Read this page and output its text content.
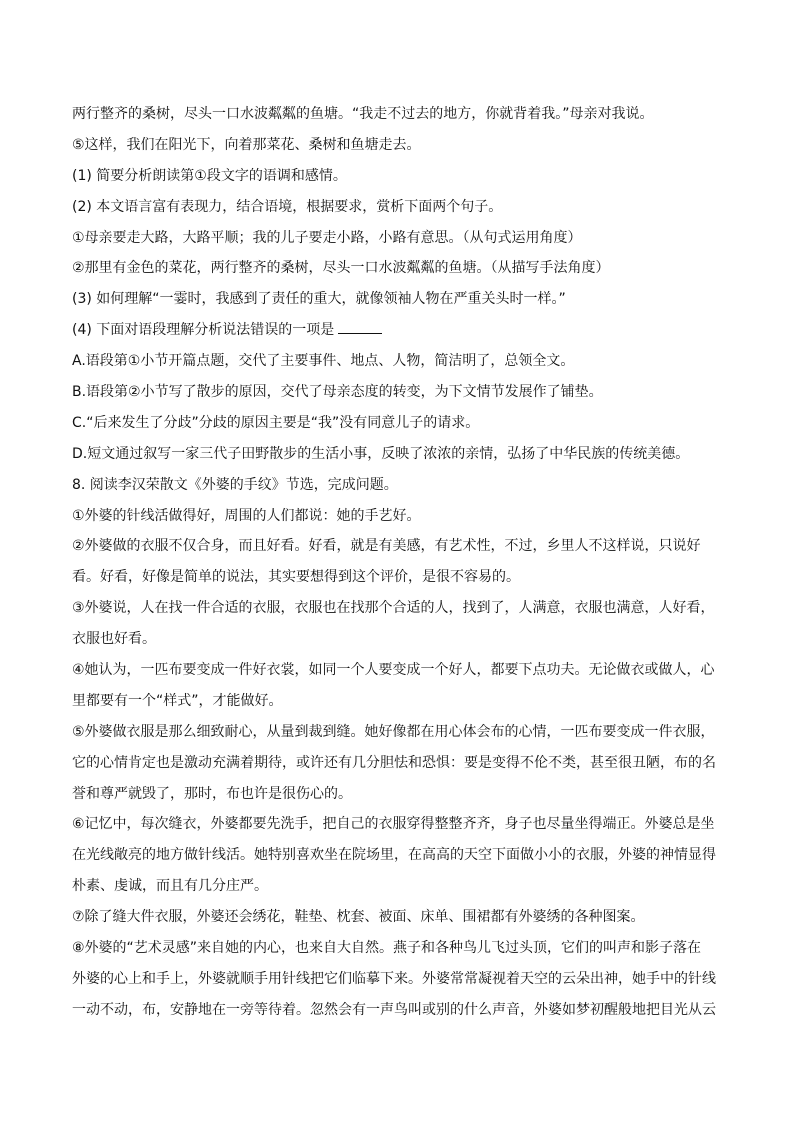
两行整齐的桑树，尽头一口水波粼粼的鱼塘。“我走不过去的地方，你就背着我。”母亲对我说。
⑤这样，我们在阳光下，向着那菜花、桑树和鱼塘走去。
(1) 简要分析朗读第①段文字的语调和感情。
(2) 本文语言富有表现力，结合语境，根据要求，赏析下面两个句子。
①母亲要走大路，大路平顺；我的儿子要走小路，小路有意思。（从句式运用角度）
②那里有金色的菜花，两行整齐的桑树，尽头一口水波粼粼的鱼塘。（从描写手法角度）
(3) 如何理解“一霎时，我感到了责任的重大，就像领袖人物在严重关头时一样。”
(4) 下面对语段理解分析说法错误的一项是
A.语段第①小节开篇点题，交代了主要事件、地点、人物，简洁明了，总领全文。
B.语段第②小节写了散步的原因，交代了母亲态度的转变，为下文情节发展作了铺垫。
C.“后来发生了分歧”分歧的原因主要是“我”没有同意儿子的请求。
D.短文通过叙写一家三代子田野散步的生活小事，反映了浓浓的亲情，弘扬了中华民族的传统美德。
8. 阅读李汉荣散文《外婆的手纹》节选，完成问题。
①外婆的针线活做得好，周围的人们都说：她的手艺好。
②外婆做的衣服不仅合身，而且好看。好看，就是有美感，有艺术性，不过，乡里人不这样说，只说好
看。好看，好像是简单的说法，其实要想得到这个评价，是很不容易的。
③外婆说，人在找一件合适的衣服，衣服也在找那个合适的人，找到了，人满意，衣服也满意，人好看，
衣服也好看。
④她认为，一匹布要变成一件好衣裳，如同一个人要变成一个好人，都要下点功夫。无论做衣或做人，心
里都要有一个“样式”，才能做好。
⑤外婆做衣服是那么细致耐心，从量到裁到缝。她好像都在用心体会布的心情，一匹布要变成一件衣服，
它的心情肯定也是激动充满着期待，或许还有几分胆怯和恐惧：要是变得不伦不类，甚至很丑陋，布的名
誉和尊严就毁了，那时，布也许是很伤心的。
⑥记忆中，每次缝衣，外婆都要先洗手，把自己的衣服穿得整整齐齐，身子也尽量坐得端正。外婆总是坐
在光线敞亮的地方做针线活。她特别喜欢坐在院场里，在高高的天空下面做小小的衣服，外婆的神情显得
朴素、虔诚，而且有几分庄严。
⑦除了缝大件衣服，外婆还会绣花，鞋垫、枕套、被面、床单、围裙都有外婆绣的各种图案。
⑧外婆的“艺术灵感”来自她的内心，也来自大自然。燕子和各种鸟儿飞过头顶，它们的叫声和影子落在
外婆的心上和手上，外婆就顺手用针线把它们临摹下来。外婆常常凝视着天空的云朵出神，她手中的针线
一动不动，布，安静地在一旁等待着。忽然会有一声鸟叫或别的什么声音，外婆如梦初醒般地把目光从云
